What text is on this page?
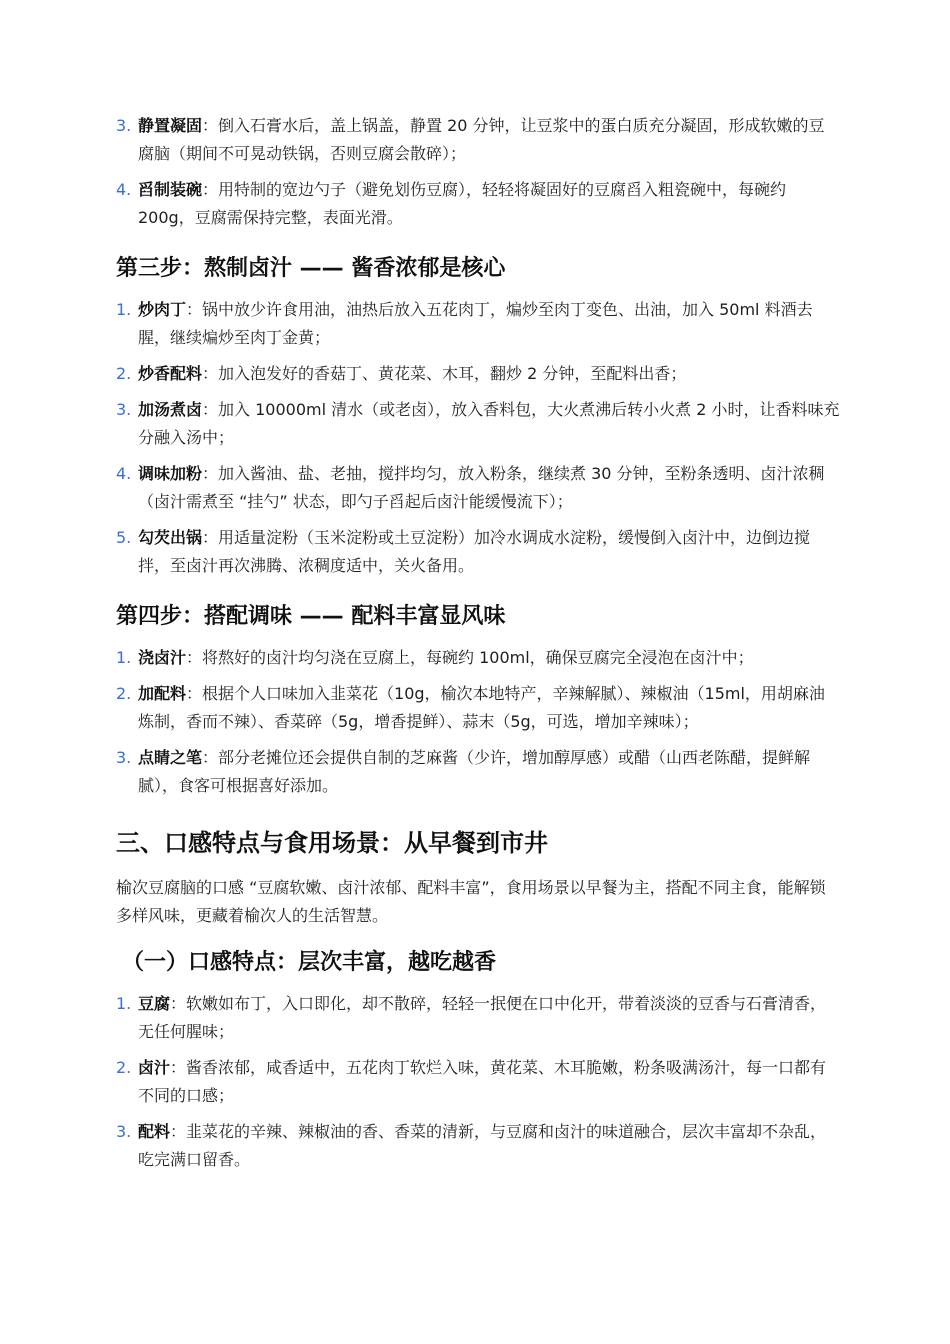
3. 静置凝固：倒入石膏水后，盖上锅盖，静置 20 分钟，让豆浆中的蛋白质充分凝固，形成软嫩的豆腐脑（期间不可晃动铁锅，否则豆腐会散碎）；
4. 舀制装碗：用特制的宽边勺子（避免划伤豆腐），轻轻将凝固好的豆腐舀入粗瓷碗中，每碗约 200g，豆腐需保持完整，表面光滑。
第三步：熬制卤汁 —— 酱香浓郁是核心
1. 炒肉丁：锅中放少许食用油，油热后放入五花肉丁，煸炒至肉丁变色、出油，加入 50ml 料酒去腥，继续煸炒至肉丁金黄；
2. 炒香配料：加入泡发好的香菇丁、黄花菜、木耳，翻炒 2 分钟，至配料出香；
3. 加汤煮卤：加入 10000ml 清水（或老卤），放入香料包，大火煮沸后转小火煮 2 小时，让香料味充分融入汤中；
4. 调味加粉：加入酱油、盐、老抽，搅拌均匀，放入粉条，继续煮 30 分钟，至粉条透明、卤汁浓稠（卤汁需煮至 “挂勺” 状态，即勺子舀起后卤汁能缓慢流下）；
5. 勾芡出锅：用适量淀粉（玉米淀粉或土豆淀粉）加冷水调成水淀粉，缓慢倒入卤汁中，边倒边搅拌，至卤汁再次沸腾、浓稠度适中，关火备用。
第四步：搭配调味 —— 配料丰富显风味
1. 浇卤汁：将熬好的卤汁均匀浇在豆腐上，每碗约 100ml，确保豆腐完全浸泡在卤汁中；
2. 加配料：根据个人口味加入韭菜花（10g，榆次本地特产，辛辣解腻）、辣椒油（15ml，用胡麻油炼制，香而不辣）、香菜碎（5g，增香提鲜）、蒜末（5g，可选，增加辛辣味）；
3. 点睛之笔：部分老摊位还会提供自制的芝麻酱（少许，增加醇厚感）或醋（山西老陈醋，提鲜解腻），食客可根据喜好添加。
三、口感特点与食用场景：从早餐到市井

榆次豆腐脑的口感 “豆腐软嫩、卤汁浓郁、配料丰富”，食用场景以早餐为主，搭配不同主食，能解锁多样风味，更藏着榆次人的生活智慧。

（一）口感特点：层次丰富，越吃越香
1. 豆腐：软嫩如布丁，入口即化，却不散碎，轻轻一抿便在口中化开，带着淡淡的豆香与石膏清香，无任何腥味；
2. 卤汁：酱香浓郁，咸香适中，五花肉丁软烂入味，黄花菜、木耳脆嫩，粉条吸满汤汁，每一口都有不同的口感；
3. 配料：韭菜花的辛辣、辣椒油的香、香菜的清新，与豆腐和卤汁的味道融合，层次丰富却不杂乱，吃完满口留香。
